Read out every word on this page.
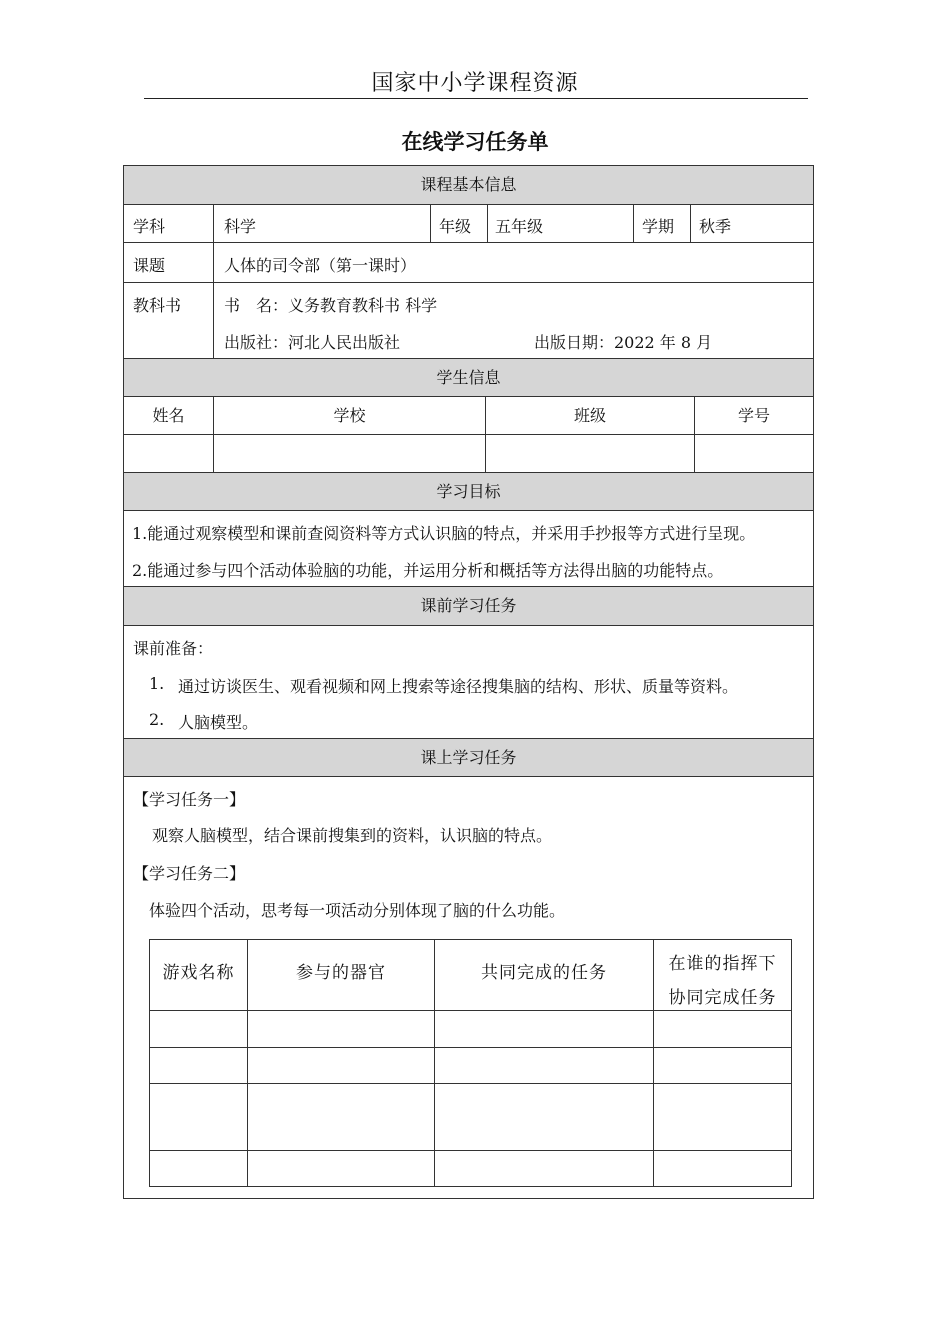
国家中小学课程资源
在线学习任务单
课程基本信息
学科	科学	年级 五年级	学期 秋季
课题	人体的司令部（第一课时）
教科书	书　名：义务教育教科书 科学
出版社：河北人民出版社	出版日期：2022 年 8 月
学生信息
姓名	学校	班级	学号
学习目标
1.能通过观察模型和课前查阅资料等方式认识脑的特点，并采用手抄报等方式进行呈现。
2.能通过参与四个活动体验脑的功能，并运用分析和概括等方法得出脑的功能特点。
课前学习任务
课前准备：
1. 通过访谈医生、观看视频和网上搜索等途径搜集脑的结构、形状、质量等资料。
2. 人脑模型。
课上学习任务
【学习任务一】
观察人脑模型，结合课前搜集到的资料，认识脑的特点。
【学习任务二】
体验四个活动，思考每一项活动分别体现了脑的什么功能。
游戏名称	参与的器官	共同完成的任务	在谁的指挥下
协同完成任务
